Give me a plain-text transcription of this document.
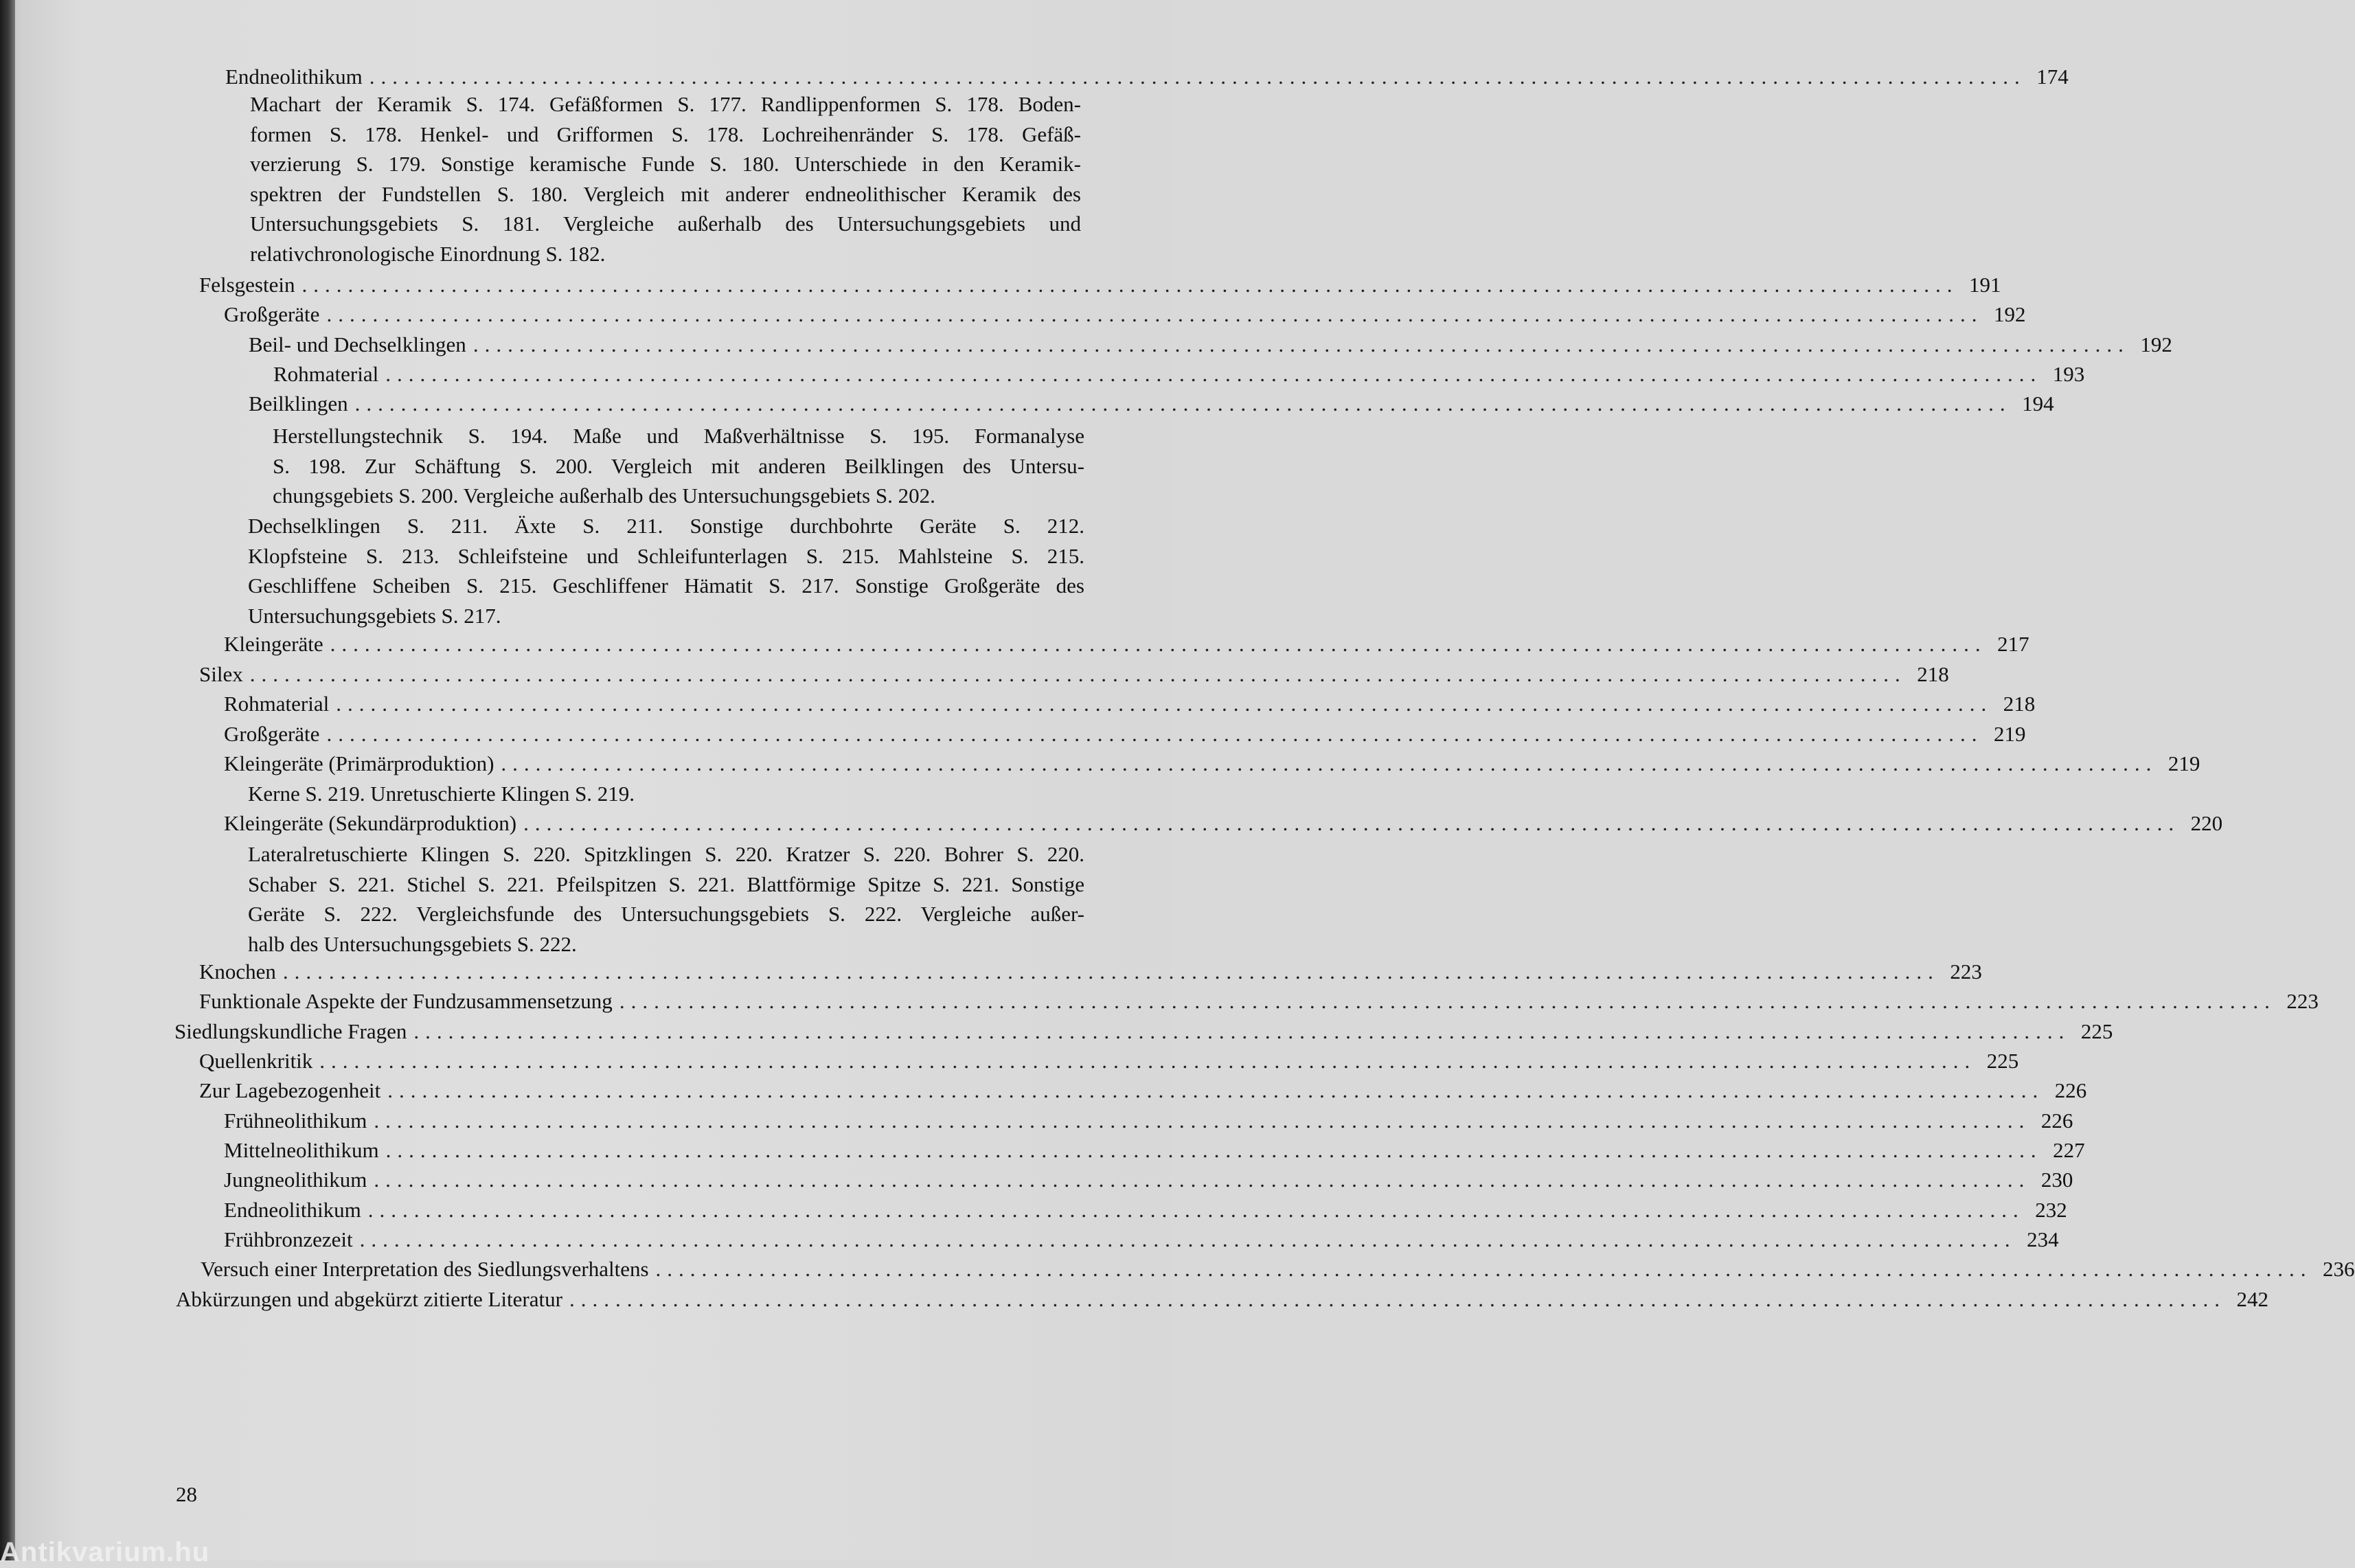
Endneolithikum ................................................................................................................................................ 174
Machart der Keramik S. 174. Gefäßformen S. 177. Randlippenformen S. 178. Boden-
formen S. 178. Henkel- und Grifformen S. 178. Lochreihenränder S. 178. Gefäß-
verzierung S. 179. Sonstige keramische Funde S. 180. Unterschiede in den Keramik-
spektren der Fundstellen S. 180. Vergleich mit anderer endneolithischer Keramik des
Untersuchungsgebiets S. 181. Vergleiche außerhalb des Untersuchungsgebiets und
relativchronologische Einordnung S. 182.
Felsgestein ................................................................................................................................................ 191
Großgeräte ................................................................................................................................................ 192
Beil- und Dechselklingen ................................................................................................................................................ 192
Rohmaterial ................................................................................................................................................ 193
Beilklingen ................................................................................................................................................ 194
Herstellungstechnik S. 194. Maße und Maßverhältnisse S. 195. Formanalyse
S. 198. Zur Schäftung S. 200. Vergleich mit anderen Beilklingen des Untersu-
chungsgebiets S. 200. Vergleiche außerhalb des Untersuchungsgebiets S. 202.
Dechselklingen S. 211. Äxte S. 211. Sonstige durchbohrte Geräte S. 212.
Klopfsteine S. 213. Schleifsteine und Schleifunterlagen S. 215. Mahlsteine S. 215.
Geschliffene Scheiben S. 215. Geschliffener Hämatit S. 217. Sonstige Großgeräte des
Untersuchungsgebiets S. 217.
Kleingeräte ................................................................................................................................................ 217
Silex ................................................................................................................................................ 218
Rohmaterial ................................................................................................................................................ 218
Großgeräte ................................................................................................................................................ 219
Kleingeräte (Primärproduktion) ................................................................................................................................................ 219
Kerne S. 219. Unretuschierte Klingen S. 219.
Kleingeräte (Sekundärproduktion) ................................................................................................................................................ 220
Lateralretuschierte Klingen S. 220. Spitzklingen S. 220. Kratzer S. 220. Bohrer S. 220.
Schaber S. 221. Stichel S. 221. Pfeilspitzen S. 221. Blattförmige Spitze S. 221. Sonstige
Geräte S. 222. Vergleichsfunde des Untersuchungsgebiets S. 222. Vergleiche außer-
halb des Untersuchungsgebiets S. 222.
Knochen ................................................................................................................................................ 223
Funktionale Aspekte der Fundzusammensetzung ................................................................................................................................................ 223
Siedlungskundliche Fragen ................................................................................................................................................ 225
Quellenkritik ................................................................................................................................................ 225
Zur Lagebezogenheit ................................................................................................................................................ 226
Frühneolithikum ................................................................................................................................................ 226
Mittelneolithikum ................................................................................................................................................ 227
Jungneolithikum ................................................................................................................................................ 230
Endneolithikum ................................................................................................................................................ 232
Frühbronzezeit ................................................................................................................................................ 234
Versuch einer Interpretation des Siedlungsverhaltens ................................................................................................................................................ 236
Abkürzungen und abgekürzt zitierte Literatur ................................................................................................................................................ 242
28
Antikvarium.hu
